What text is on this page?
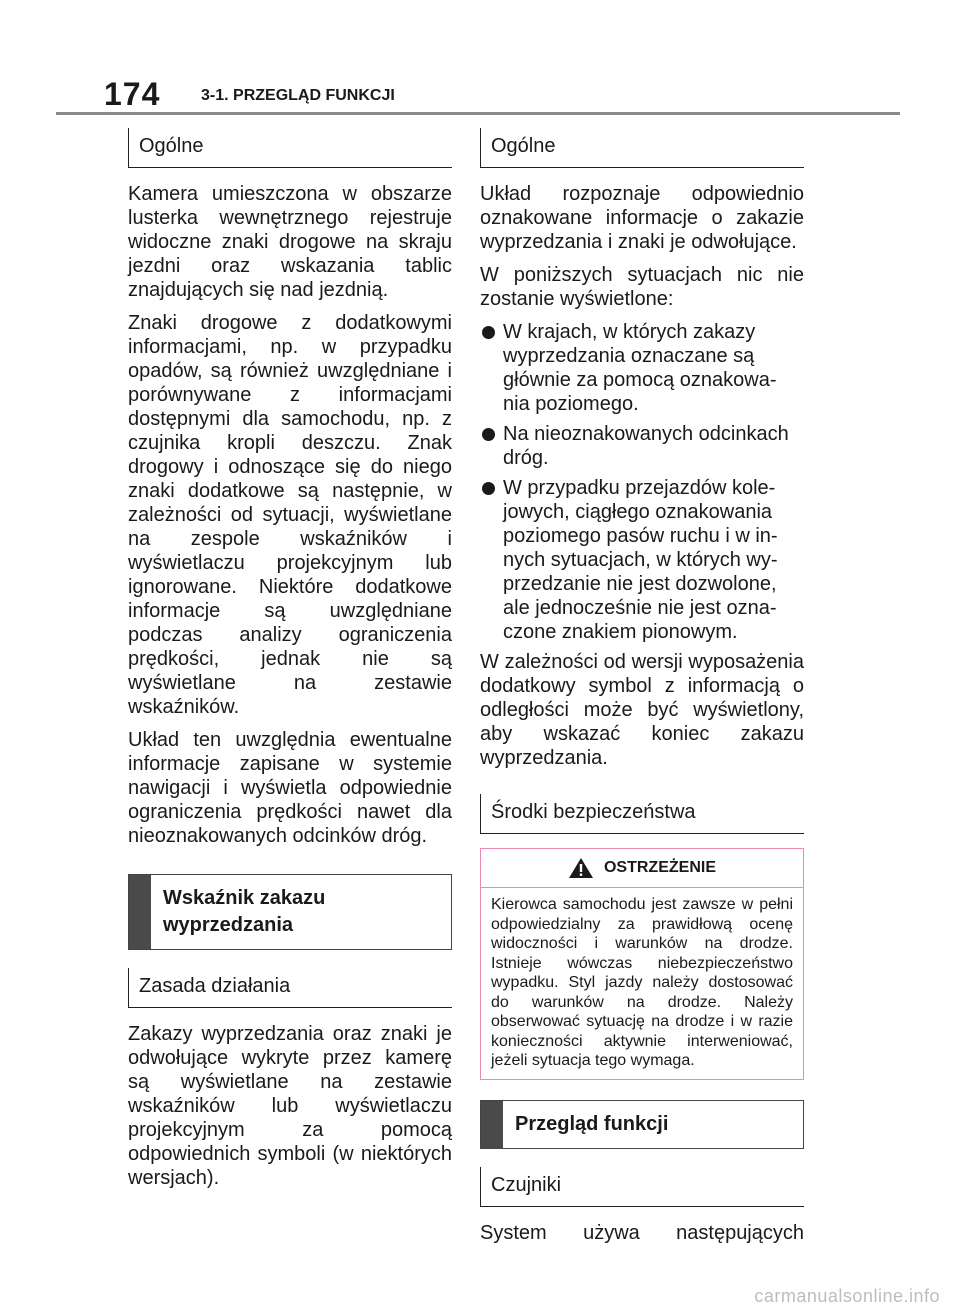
174	3-1. PRZEGLĄD FUNKCJI
Ogólne

Kamera umieszczona w obszarze lusterka wewnętrznego rejestruje widoczne znaki drogowe na skraju jezdni oraz wskazania tablic znajdujących się nad jezdnią.

Znaki drogowe z dodatkowymi informacjami, np. w przypadku opadów, są również uwzględniane i porównywane z informacjami dostępnymi dla samochodu, np. z czujnika kropli deszczu. Znak drogowy i odnoszące się do niego znaki dodatkowe są następnie, w zależności od sytuacji, wyświetlane na zespole wskaźników i wyświetlaczu projekcyjnym lub ignorowane. Niektóre dodatkowe informacje są uwzględniane podczas analizy ograniczenia prędkości, jednak nie są wyświetlane na zestawie wskaźników.

Układ ten uwzględnia ewentualne informacje zapisane w systemie nawigacji i wyświetla odpowiednie ograniczenia prędkości nawet dla nieoznakowanych odcinków dróg.

Wskaźnik zakazu
wyprzedzania
Zasada działania

Zakazy wyprzedzania oraz znaki je odwołujące wykryte przez kamerę są wyświetlane na zestawie wskaźników lub wyświetlaczu projekcyjnym za pomocą odpowiednich symboli (w niektórych wersjach).

Ogólne

Układ rozpoznaje odpowiednio oznakowane informacje o zakazie wyprzedzania i znaki je odwołujące.

W poniższych sytuacjach nic nie zostanie wyświetlone:

W krajach, w których zakazy
wyprzedzania oznaczane są
głównie za pomocą oznakowa-
nia poziomego.
Na nieoznakowanych odcinkach
dróg.
W przypadku przejazdów kole-
jowych, ciągłego oznakowania
poziomego pasów ruchu i w in-
nych sytuacjach, w których wy-
przedzanie nie jest dozwolone,
ale jednocześnie nie jest ozna-
czone znakiem pionowym.

W zależności od wersji wyposażenia dodatkowy symbol z informacją o odległości może być wyświetlony, aby wskazać koniec zakazu wyprzedzania.

Środki bezpieczeństwa
OSTRZEŻENIE
Kierowca samochodu jest zawsze w pełni odpowiedzialny za prawidłową ocenę widoczności i warunków na drodze. Istnieje wówczas niebezpieczeństwo wypadku. Styl jazdy należy dostosować do warunków na drodze. Należy obserwować sytuację na drodze i w razie konieczności aktywnie interweniować, jeżeli sytuacja tego wymaga.
Przegląd funkcji
Czujniki

System używa następujących

carmanualsonline.info
